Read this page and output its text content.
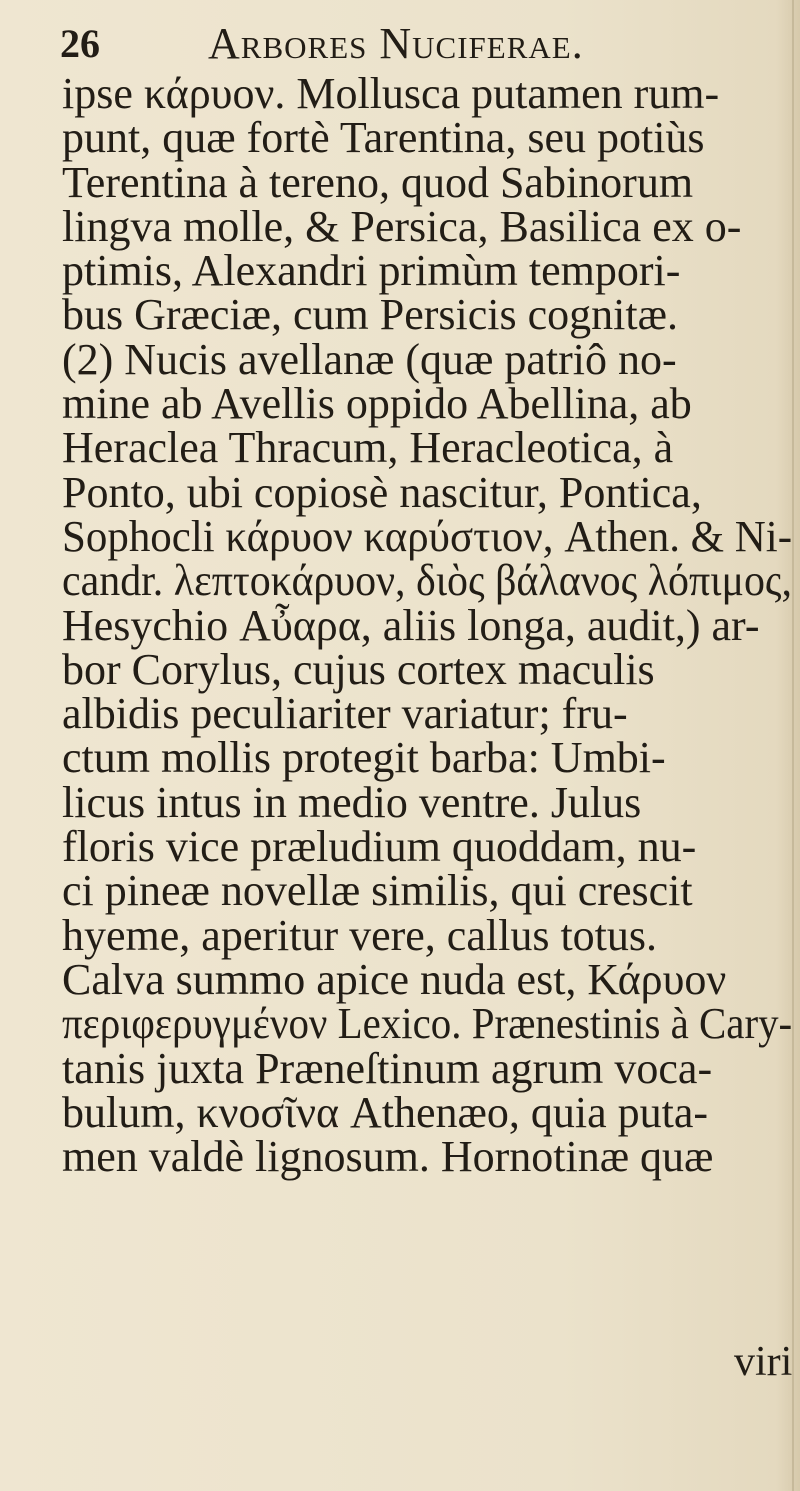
26 Arbores Nuciferae.
ipse κάρυον. Mollusca putamen rum-
punt, quæ fortè Tarentina, seu potiùs
Terentina à tereno, quod Sabinorum
lingva molle, & Persica, Basilica ex o-
ptimis, Alexandri primùm tempori-
bus Græciæ, cum Persicis cognitæ.
(2) Nucis avellanæ (quæ patriô no-
mine ab Avellis oppido Abellina, ab
Heraclea Thracum, Heracleotica, à
Ponto, ubi copiosè nascitur, Pontica,
Sophocli κάρυον καρύστιον, Athen. & Ni-
candr. λεπτοκάρυον, διὸς βάλανος λόπιμος,
Hesychio Αὖαρα, aliis longa, audit,) ar-
bor Corylus, cujus cortex maculis
albidis peculiariter variatur; fru-
ctum mollis protegit barba: Umbi-
licus intus in medio ventre. Julus
floris vice præludium quoddam, nu-
ci pineæ novellæ similis, qui crescit
hyeme, aperitur vere, callus totus.
Calva summo apice nuda est, Κάρυον
περιφερυγμένον Lexico. Prænestinis à Cary-
tanis juxta Præneſtinum agrum voca-
bulum, κνοσῖνα Athenæo, quia puta-
men valdè lignosum. Hornotinæ quæ
viri
